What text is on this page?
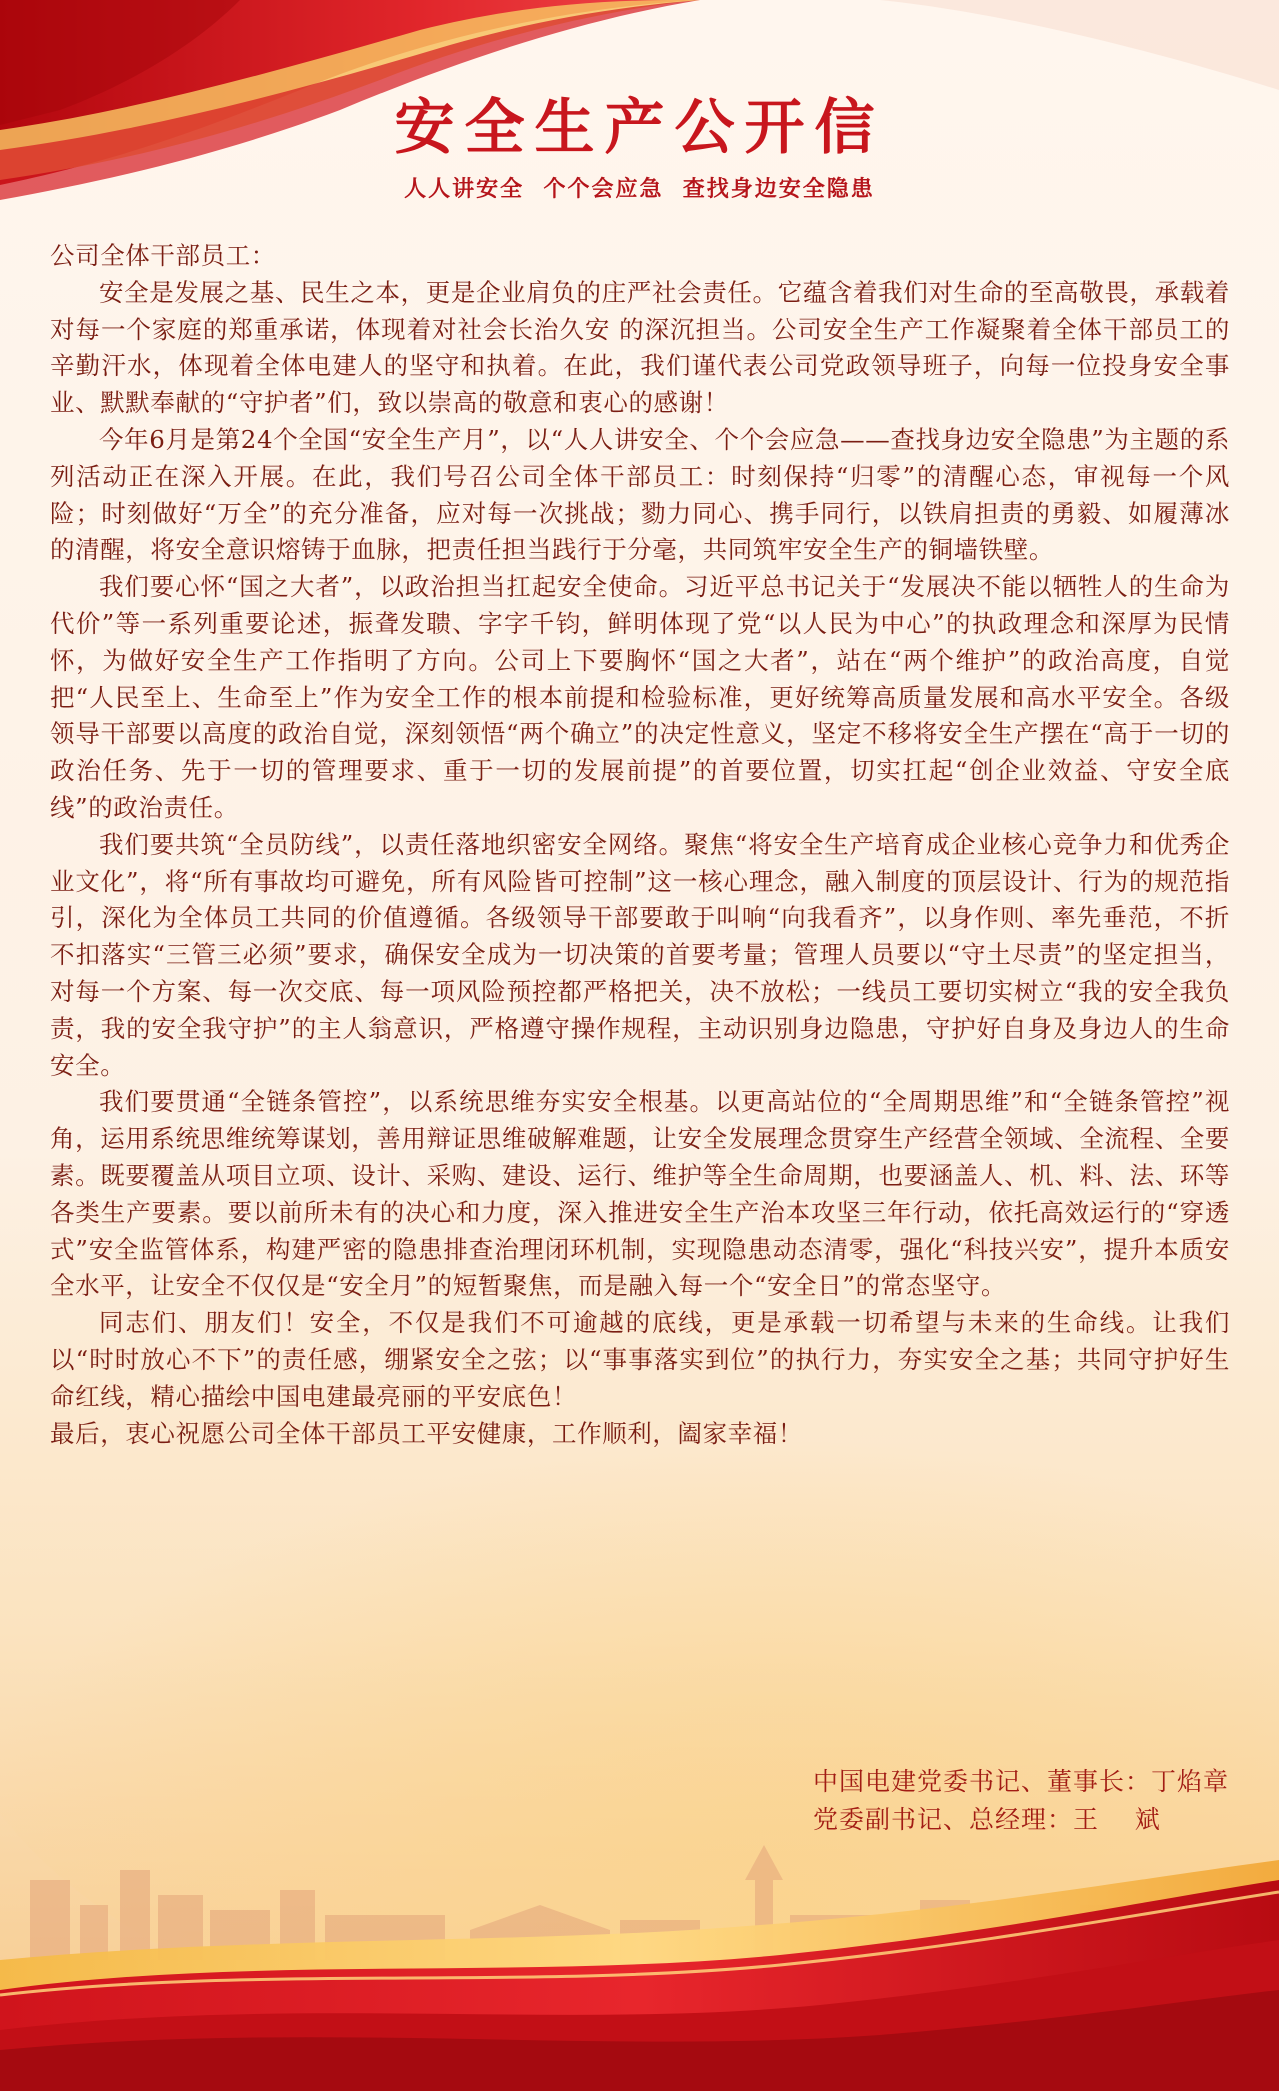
安全生产公开信
人人讲安全  个个会应急  查找身边安全隐患

公司全体干部员工：

安全是发展之基、民生之本，更是企业肩负的庄严社会责任。它蕴含着我们对生命的至高敬畏，承载着对每一个家庭的郑重承诺，体现着对社会长治久安 的深沉担当。公司安全生产工作凝聚着全体干部员工的辛勤汗水，体现着全体电建人的坚守和执着。在此，我们谨代表公司党政领导班子，向每一位投身安全事业、默默奉献的“守护者”们，致以崇高的敬意和衷心的感谢！

今年6月是第24个全国“安全生产月”，以“人人讲安全、个个会应急——查找身边安全隐患”为主题的系列活动正在深入开展。在此，我们号召公司全体干部员工：时刻保持“归零”的清醒心态，审视每一个风险；时刻做好“万全”的充分准备，应对每一次挑战；勠力同心、携手同行，以铁肩担责的勇毅、如履薄冰的清醒，将安全意识熔铸于血脉，把责任担当践行于分毫，共同筑牢安全生产的铜墙铁壁。

我们要心怀“国之大者”，以政治担当扛起安全使命。习近平总书记关于“发展决不能以牺牲人的生命为代价”等一系列重要论述，振聋发聩、字字千钧，鲜明体现了党“以人民为中心”的执政理念和深厚为民情怀，为做好安全生产工作指明了方向。公司上下要胸怀“国之大者”，站在“两个维护”的政治高度，自觉把“人民至上、生命至上”作为安全工作的根本前提和检验标准，更好统筹高质量发展和高水平安全。各级领导干部要以高度的政治自觉，深刻领悟“两个确立”的决定性意义，坚定不移将安全生产摆在“高于一切的政治任务、先于一切的管理要求、重于一切的发展前提”的首要位置，切实扛起“创企业效益、守安全底线”的政治责任。

我们要共筑“全员防线”，以责任落地织密安全网络。聚焦“将安全生产培育成企业核心竞争力和优秀企业文化”，将“所有事故均可避免，所有风险皆可控制”这一核心理念，融入制度的顶层设计、行为的规范指引，深化为全体员工共同的价值遵循。各级领导干部要敢于叫响“向我看齐”，以身作则、率先垂范，不折不扣落实“三管三必须”要求，确保安全成为一切决策的首要考量；管理人员要以“守土尽责”的坚定担当，对每一个方案、每一次交底、每一项风险预控都严格把关，决不放松；一线员工要切实树立“我的安全我负责，我的安全我守护”的主人翁意识，严格遵守操作规程，主动识别身边隐患，守护好自身及身边人的生命安全。

我们要贯通“全链条管控”，以系统思维夯实安全根基。以更高站位的“全周期思维”和“全链条管控”视角，运用系统思维统筹谋划，善用辩证思维破解难题，让安全发展理念贯穿生产经营全领域、全流程、全要素。既要覆盖从项目立项、设计、采购、建设、运行、维护等全生命周期，也要涵盖人、机、料、法、环等各类生产要素。要以前所未有的决心和力度，深入推进安全生产治本攻坚三年行动，依托高效运行的“穿透式”安全监管体系，构建严密的隐患排查治理闭环机制，实现隐患动态清零，强化“科技兴安”，提升本质安全水平，让安全不仅仅是“安全月”的短暂聚焦，而是融入每一个“安全日”的常态坚守。

同志们、朋友们！安全，不仅是我们不可逾越的底线，更是承载一切希望与未来的生命线。让我们以“时时放心不下”的责任感，绷紧安全之弦；以“事事落实到位”的执行力，夯实安全之基；共同守护好生命红线，精心描绘中国电建最亮丽的平安底色！

最后，衷心祝愿公司全体干部员工平安健康，工作顺利，阖家幸福！

中国电建党委书记、董事长：丁焰章
党委副书记、总经理：王    斌
